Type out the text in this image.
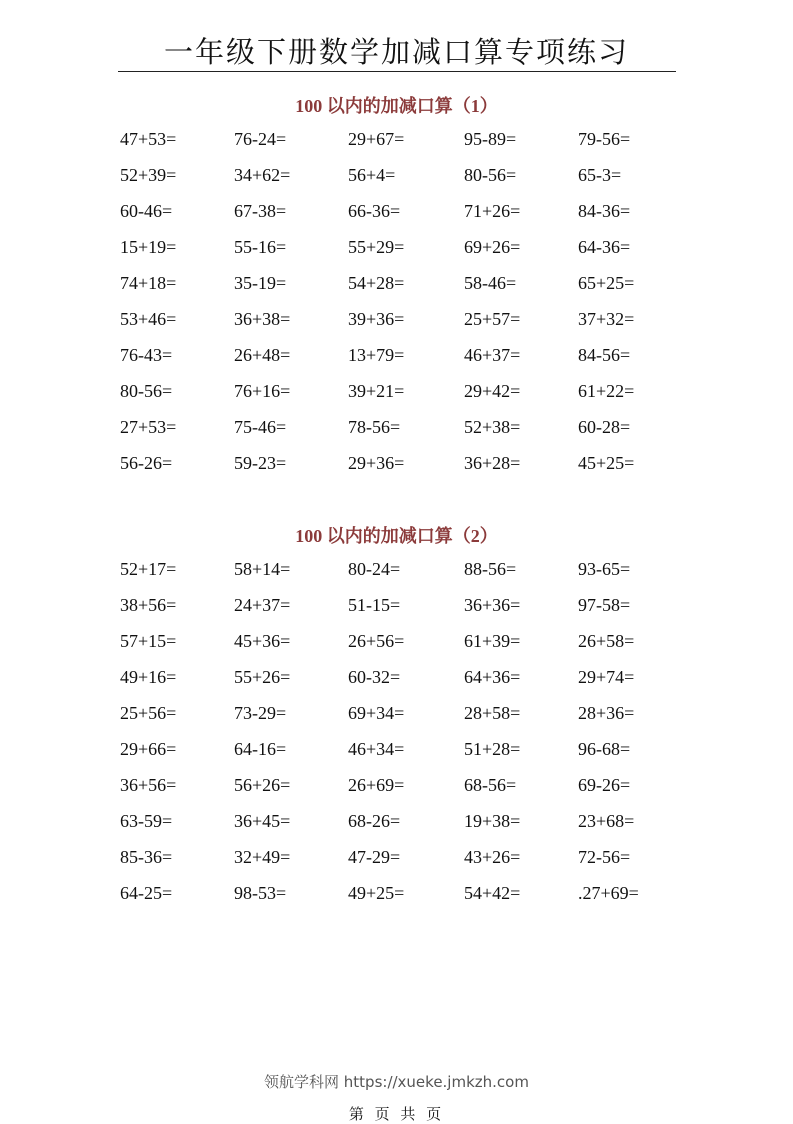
一年级下册数学加减口算专项练习
100 以内的加减口算（1）
47+53=	76-24=	29+67=	95-89=	79-56=
52+39=	34+62=	56+4=	80-56=	65-3=
60-46=	67-38=	66-36=	71+26=	84-36=
15+19=	55-16=	55+29=	69+26=	64-36=
74+18=	35-19=	54+28=	58-46=	65+25=
53+46=	36+38=	39+36=	25+57=	37+32=
76-43=	26+48=	13+79=	46+37=	84-56=
80-56=	76+16=	39+21=	29+42=	61+22=
27+53=	75-46=	78-56=	52+38=	60-28=
56-26=	59-23=	29+36=	36+28=	45+25=
100 以内的加减口算（2）
52+17=	58+14=	80-24=	88-56=	93-65=
38+56=	24+37=	51-15=	36+36=	97-58=
57+15=	45+36=	26+56=	61+39=	26+58=
49+16=	55+26=	60-32=	64+36=	29+74=
25+56=	73-29=	69+34=	28+58=	28+36=
29+66=	64-16=	46+34=	51+28=	96-68=
36+56=	56+26=	26+69=	68-56=	69-26=
63-59=	36+45=	68-26=	19+38=	23+68=
85-36=	32+49=	47-29=	43+26=	72-56=
64-25=	98-53=	49+25=	54+42=	.27+69=
领航学科网 https://xueke.jmkzh.com
第 页 共 页
